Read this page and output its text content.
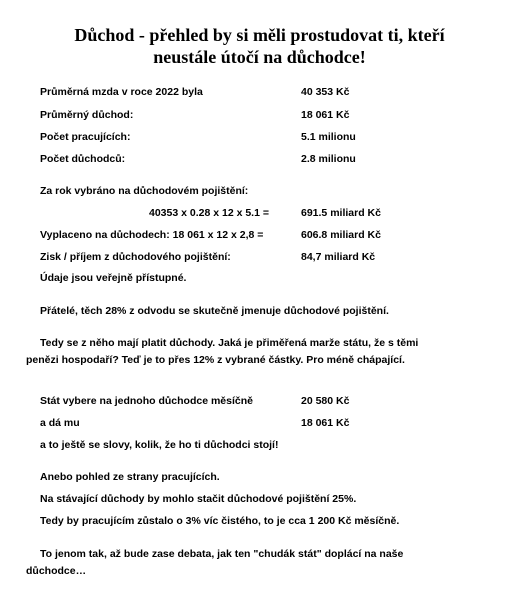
Důchod - přehled by si měli prostudovat ti, kteří
neustále útočí na důchodce!
Průměrná mzda v roce 2022 byla	40 353 Kč
Průměrný důchod:	18 061 Kč
Počet pracujících:	5.1 milionu
Počet důchodců:	2.8 milionu
Za rok vybráno na důchodovém pojištění:
40353 x 0.28 x 12 x 5.1 =	691.5 miliard Kč
Vyplaceno na důchodech: 18 061 x 12 x 2,8 =	606.8 miliard Kč
Zisk / příjem z důchodového pojištění:	84,7 miliard Kč
Údaje jsou veřejně přístupné.
Přátelé, těch 28% z odvodu se skutečně jmenuje důchodové pojištění.
Tedy se z něho mají platit důchody. Jaká je přiměřená marže státu, že s těmi
penězi hospodaří? Teď je to přes 12% z vybrané částky. Pro méně chápající.
Stát vybere na jednoho důchodce měsíčně	20 580 Kč
a dá mu	18 061 Kč
a to ještě se slovy, kolik, že ho ti důchodci stojí!
Anebo pohled ze strany pracujících.
Na stávající důchody by mohlo stačit důchodové pojištění 25%.
Tedy by pracujícím zůstalo o 3% víc čistého, to je cca 1 200 Kč měsíčně.
To jenom tak, až bude zase debata, jak ten "chudák stát" doplácí na naše
důchodce…
